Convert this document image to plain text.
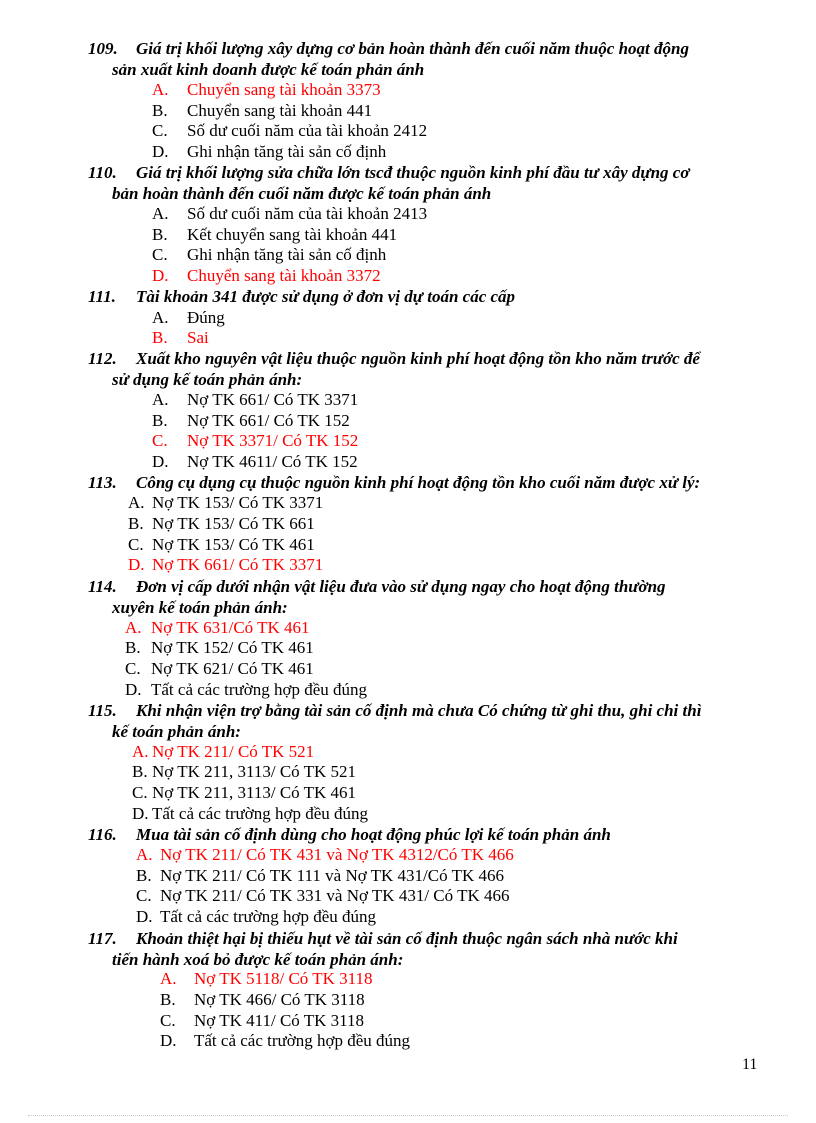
109. Giá trị khối lượng xây dựng cơ bản hoàn thành đến cuối năm thuộc hoạt động
sản xuất kinh doanh được kế toán phản ánh
A. Chuyển sang tài khoản 3373
B. Chuyển sang tài khoản 441
C. Số dư cuối năm của tài khoản 2412
D. Ghi nhận tăng tài sản cố định
110. Giá trị khối lượng sửa chữa lớn tscđ thuộc nguồn kinh phí đầu tư xây dựng cơ
bản hoàn thành đến cuối năm được kế toán phản ánh
A. Số dư cuối năm của tài khoản 2413
B. Kết chuyển sang tài khoản 441
C. Ghi nhận tăng tài sản cố định
D. Chuyển sang tài khoản 3372
111. Tài khoản 341 được sử dụng ở đơn vị dự toán các cấp
A. Đúng
B. Sai
112. Xuất kho nguyên vật liệu thuộc nguồn kinh phí hoạt động tồn kho năm trước để
sử dụng kế toán phản ánh:
A. Nợ TK 661/ Có TK 3371
B. Nợ TK 661/ Có TK 152
C. Nợ TK 3371/ Có TK 152
D. Nợ TK 4611/ Có TK 152
113. Công cụ dụng cụ thuộc nguồn kinh phí hoạt động tồn kho cuối năm được xử lý:
A. Nợ TK 153/ Có TK 3371
B. Nợ TK 153/ Có TK 661
C. Nợ TK 153/ Có TK 461
D. Nợ TK 661/ Có TK 3371
114. Đơn vị cấp dưới nhận vật liệu đưa vào sử dụng ngay cho hoạt động thường
xuyên kế toán phản ánh:
A. Nợ TK 631/Có TK 461
B. Nợ TK 152/ Có TK 461
C. Nợ TK 621/ Có TK 461
D. Tất cả các trường hợp đều đúng
115. Khi nhận viện trợ bằng tài sản cố định mà chưa Có chứng từ ghi thu, ghi chi thì
kế toán phản ánh:
A. Nợ TK 211/ Có TK 521
B. Nợ TK 211, 3113/ Có TK 521
C. Nợ TK 211, 3113/ Có TK 461
D. Tất cả các trường hợp đều đúng
116. Mua tài sản cố định dùng cho hoạt động phúc lợi kế toán phản ánh
A. Nợ TK 211/ Có TK 431 và Nợ TK 4312/Có TK 466
B. Nợ TK 211/ Có TK 111 và Nợ TK 431/Có TK 466
C. Nợ TK 211/ Có TK 331 và Nợ TK 431/ Có TK 466
D. Tất cả các trường hợp đều đúng
117. Khoản thiệt hại bị thiếu hụt về tài sản cố định thuộc ngân sách nhà nước khi
tiến hành xoá bỏ được kế toán phản ánh:
A. Nợ TK 5118/ Có TK 3118
B. Nợ TK 466/ Có TK 3118
C. Nợ TK 411/ Có TK 3118
D. Tất cả các trường hợp đều đúng
11
